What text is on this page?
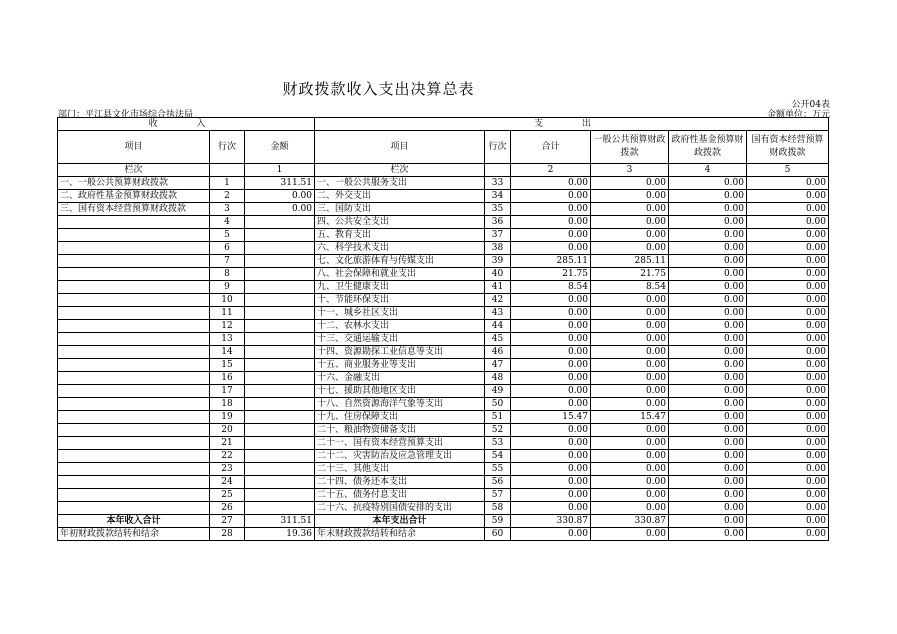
财政拨款收入支出决算总表
公开04表
部门：平江县文化市场综合执法局	金额单位：万元
收 入			支 出					
项目	行次	金额	项目	行次	合计	一般公共预算财政拨款	政府性基金预算财政拨款	国有资本经营预算财政拨款
栏次		1	栏次		2	3	4	5
一、一般公共预算财政拨款	1	311.51	一、一般公共服务支出	33	0.00	0.00	0.00	0.00
二、政府性基金预算财政拨款	2	0.00	二、外交支出	34	0.00	0.00	0.00	0.00
三、国有资本经营预算财政拨款	3	0.00	三、国防支出	35	0.00	0.00	0.00	0.00
	4		四、公共安全支出	36	0.00	0.00	0.00	0.00
	5		五、教育支出	37	0.00	0.00	0.00	0.00
	6		六、科学技术支出	38	0.00	0.00	0.00	0.00
	7		七、文化旅游体育与传媒支出	39	285.11	285.11	0.00	0.00
	8		八、社会保障和就业支出	40	21.75	21.75	0.00	0.00
	9		九、卫生健康支出	41	8.54	8.54	0.00	0.00
	10		十、节能环保支出	42	0.00	0.00	0.00	0.00
	11		十一、城乡社区支出	43	0.00	0.00	0.00	0.00
	12		十二、农林水支出	44	0.00	0.00	0.00	0.00
	13		十三、交通运输支出	45	0.00	0.00	0.00	0.00
	14		十四、资源勘探工业信息等支出	46	0.00	0.00	0.00	0.00
	15		十五、商业服务业等支出	47	0.00	0.00	0.00	0.00
	16		十六、金融支出	48	0.00	0.00	0.00	0.00
	17		十七、援助其他地区支出	49	0.00	0.00	0.00	0.00
	18		十八、自然资源海洋气象等支出	50	0.00	0.00	0.00	0.00
	19		十九、住房保障支出	51	15.47	15.47	0.00	0.00
	20		二十、粮油物资储备支出	52	0.00	0.00	0.00	0.00
	21		二十一、国有资本经营预算支出	53	0.00	0.00	0.00	0.00
	22		二十二、灾害防治及应急管理支出	54	0.00	0.00	0.00	0.00
	23		二十三、其他支出	55	0.00	0.00	0.00	0.00
	24		二十四、债务还本支出	56	0.00	0.00	0.00	0.00
	25		二十五、债务付息支出	57	0.00	0.00	0.00	0.00
	26		二十六、抗疫特别国债安排的支出	58	0.00	0.00	0.00	0.00
本年收入合计	27	311.51	本年支出合计	59	330.87	330.87	0.00	0.00
年初财政拨款结转和结余	28	19.36	年末财政拨款结转和结余	60	0.00	0.00	0.00	0.00
